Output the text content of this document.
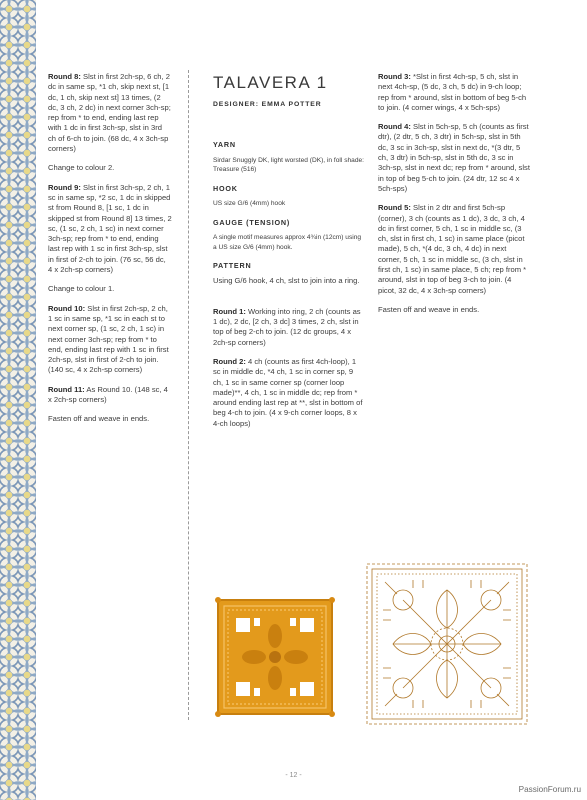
Round 8: Slst in first 2ch-sp, 6 ch, 2 dc in same sp, *1 ch, skip next st, [1 dc, 1 ch, skip next st] 13 times, (2 dc, 3 ch, 2 dc) in next corner 3ch-sp; rep from * to end, ending last rep with 1 dc in first 3ch-sp, slst in 3rd ch of 6-ch to join. (68 dc, 4 x 3ch-sp corners)

Change to colour 2.

Round 9: Slst in first 3ch-sp, 2 ch, 1 sc in same sp, *2 sc, 1 dc in skipped st from Round 8, [1 sc, 1 dc in skipped st from Round 8] 13 times, 2 sc, (1 sc, 2 ch, 1 sc) in next corner 3ch-sp; rep from * to end, ending last rep with 1 sc in first 3ch-sp, slst in first of 2-ch to join. (76 sc, 56 dc, 4 x 2ch-sp corners)

Change to colour 1.

Round 10: Slst in first 2ch-sp, 2 ch, 1 sc in same sp, *1 sc in each st to next corner sp, (1 sc, 2 ch, 1 sc) in next corner 3ch-sp; rep from * to end, ending last rep with 1 sc in first 2ch-sp, slst in first of 2-ch to join. (140 sc, 4 x 2ch-sp corners)

Round 11: As Round 10. (148 sc, 4 x 2ch-sp corners)

Fasten off and weave in ends.

TALAVERA 1
DESIGNER: EMMA POTTER
YARN

Sirdar Snuggly DK, light worsted (DK), in foll shade:
Treasure (516)

HOOK

US size G/6 (4mm) hook

GAUGE (TENSION)

A single motif measures approx 4¾in (12cm) using a US size G/6 (4mm) hook.

PATTERN

Using G/6 hook, 4 ch, slst to join into a ring.

Round 1: Working into ring, 2 ch (counts as 1 dc), 2 dc, [2 ch, 3 dc] 3 times, 2 ch, slst in top of beg 2-ch to join. (12 dc groups, 4 x 2ch-sp corners)

Round 2: 4 ch (counts as first 4ch-loop), 1 sc in middle dc, *4 ch, 1 sc in corner sp, 9 ch, 1 sc in same corner sp (corner loop made)**, 4 ch, 1 sc in middle dc; rep from * around ending last rep at **, slst in bottom of beg 4-ch to join. (4 x 9-ch corner loops, 8 x 4-ch loops)

Round 3: *Slst in first 4ch-sp, 5 ch, slst in next 4ch-sp, (5 dc, 3 ch, 5 dc) in 9-ch loop; rep from * around, slst in bottom of beg 5-ch to join. (4 corner wings, 4 x 5ch-sps)

Round 4: Slst in 5ch-sp, 5 ch (counts as first dtr), (2 dtr, 5 ch, 3 dtr) in 5ch-sp, slst in 5th dc, 3 sc in 3ch-sp, slst in next dc, *(3 dtr, 5 ch, 3 dtr) in 5ch-sp, slst in 5th dc, 3 sc in 3ch-sp, slst in next dc; rep from * around, slst in top of beg 5-ch to join. (24 dtr, 12 sc 4 x 5ch-sps)

Round 5: Slst in 2 dtr and first 5ch-sp (corner), 3 ch (counts as 1 dc), 3 dc, 3 ch, 4 dc in first corner, 5 ch, 1 sc in middle sc, (3 ch, slst in first ch, 1 sc) in same place (picot made), 5 ch, *(4 dc, 3 ch, 4 dc) in next corner, 5 ch, 1 sc in middle sc, (3 ch, slst in first ch, 1 sc) in same place, 5 ch; rep from * around, slst in top of beg 3-ch to join. (4 picot, 32 dc, 4 x 3ch-sp corners)

Fasten off and weave in ends.

- 12 -
PassionForum.ru
